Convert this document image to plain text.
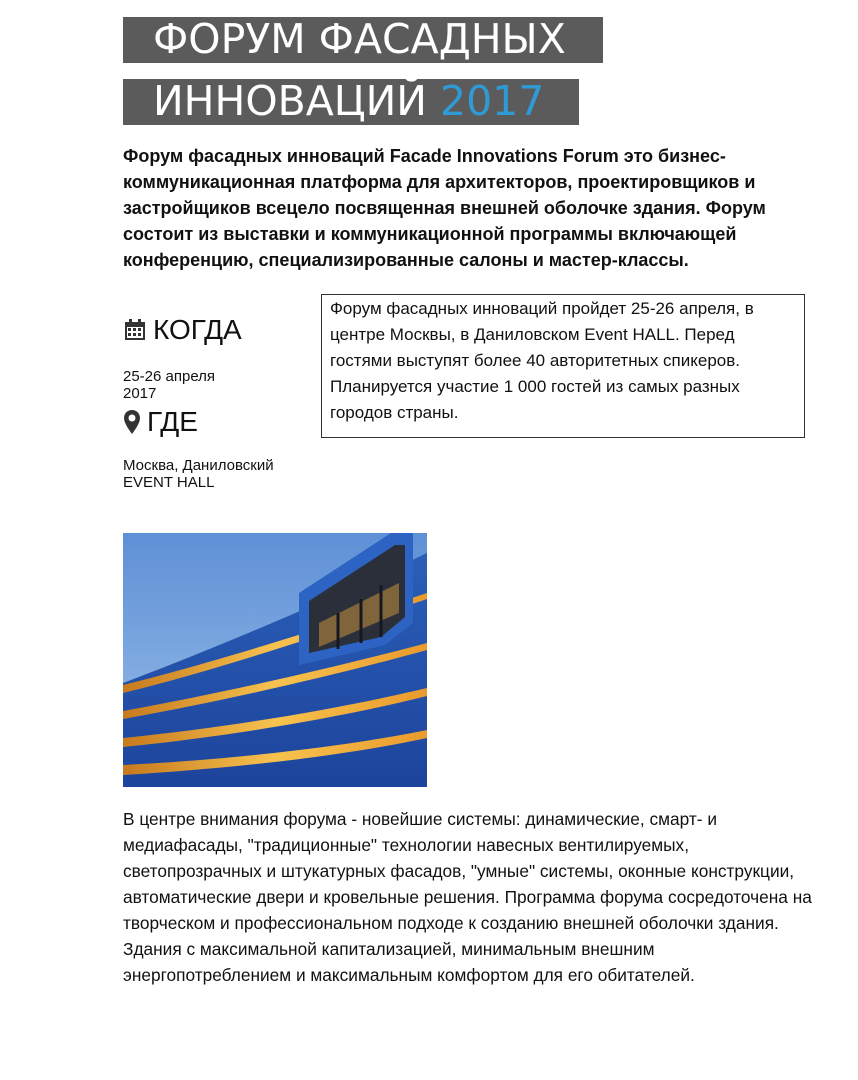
ФОРУМ ФАСАДНЫХ
ИННОВАЦИЙ 2017
Форум фасадных инноваций Facade Innovations Forum это бизнес-коммуникационная платформа для архитекторов, проектировщиков и застройщиков всецело посвященная внешней оболочке здания. Форум состоит из выставки и коммуникационной программы включающей конференцию, специализированные салоны и мастер-классы.
Форум фасадных инноваций пройдет 25-26 апреля, в центре Москвы, в Даниловском Event HALL. Перед гостями выступят более 40 авторитетных спикеров. Планируется участие 1 000 гостей из самых разных городов страны.
КОГДА
25-26 апреля
2017
ГДЕ
Москва, Даниловский
EVENT HALL
В центре внимания форума - новейшие системы: динамические, смарт- и медиафасады, "традиционные" технологии навесных вентилируемых, светопрозрачных и штукатурных фасадов, "умные" системы, оконные конструкции, автоматические двери и кровельные решения. Программа форума сосредоточена на творческом и профессиональном подходе к созданию внешней оболочки здания. Здания с максимальной капитализацией, минимальным внешним энергопотреблением и максимальным комфортом для его обитателей.
